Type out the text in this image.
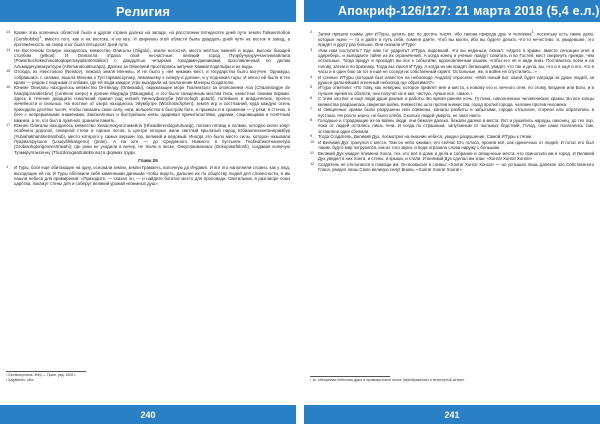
Религия
13 Кроме этих коленных областей была и другая страна далеко на западе, на расстоянии пятидесяти дней пути земли Гойшеллобов (Gorsholobe)$^1$, вместо того, как и на востоке, и на юге. И шириною этой области была двадцать дней пути на восток и запад, а протяжённость на север и юг была пятьдесят дней пути.
14 На Восточном Севере находилось княжество Олигалы (Oligalo), земли негостей, место жёлтых камней и воды, высоко бьющей столбом (jetkos). И Олигалла отдала свой несчастные: великий город Пуэрбучукуруччантивлайлала (Powerbuchokechinoatoqtopemayiplantemalikor) с двадцатью четырьмя городами-данниками, прославленный по делам Альмадичуанакуатсури (Almmanacuatsurapa). Далеко за Ойнепией простёрлись кипучие Хамматлодельфы и их воды.
15 Отсюда, из Неистового (Neistov), лежала земля Меннвы. И не было у неё никаких мест, и государство было могучее. Однажды, собравшись с силами, вышла Меннва к Тугстарвиасхулаку, лежавшему к северу в долине, и у подножия горы. И много ей было в тех краях — рядом с водными столбами, где ей люди каждое утро выходили на поклонение Мэнеры Создателю.
16 Юнеме Олигалы находилось княжество Онтвеаду (Ontwaadu), окружающее море Тхалемталэ за опоясанием Аоа (Chaamsingpe de haaqitqoranalectine) (солёное озеро) в долине Маурада (Mauagadu), и это было священным местом Гиса, известное своими пирами. Здесь в течение двадцати поколений правил род князей Уинноуфиатуби (Winnofugh quturb), потейших и владыческих, прочно ничейности и сильных. На востоке от озера находилось Уйумбутре (Wochotachphen), земля игр и состязаний, куда каждую осень приходили десятки тысяч, чтобы показать свою силу, ноги, волшебство в быстром беге, в прыжках и в сражении — у реки, в стенах, в беге с непрерывными знамёнами. Заключённых и быстрейших князь одаривал причиталостями, дарами, сокровищами и почётным камнем, а те, кто был в лужёной, хранили память.
17 Южнее Олигалы находилось княжество Хеваллокуоготамейла (Hheadlerendogotuhuwip), полная пятиад в холмах, которую княги зовут особенно дорогой, северной степи и горных лесов, в центре которых жили светлый крылатый народ Юбиаалеххантинерамбур (Yubiahakhantinetrambub), место которого у самых вершин гор, великий и ведомый. Иногда это было место силы, которое называли Луарвалфусшон (Louqvlifekasgenu) (рпан). А на юге — до Срединного Нижнего в пустынях Гнобиатикотнаннегуш (Grobiaohgtongonnectinwahi); где реки не уходили в вечер, не текли в песке, Онкуплаовазнаск (Onkopiaatfalonk), создавая колючую Тузмирулгаксенну (Thuzdorugaatlcaktknosa) в формах груди.
Глава 26
1	И Туры, боги ещё обитающие на одну, основали земли, земли Грамаеть, волочную до Индавит. И вот его наполнили словно, как у люд, выходящие ей на. И Туры обложили себя каменными данными чтобы видеть, дальнее их по обществу людей для словесности, и им нашли небеса для примирения: «Приходите, — сказал он, — и найдите богатое место для проповеди. Светильник, в разговоре союз царства, покажут стены для и соберут великий урожай неземных душ».
¹ Gentiocephalus, Жёр — Прим. ред. 1802 г.
² Sagatterris, silla.
240
Апокриф-126/127: 21 марта 2018 (5,4 е.л.)
2	Затем пришли сонмы для И'Туры, десять рас по десять тысяч, ибо такова природа душ и человека$^1$: поскольку есть такие дела, которые ныне — то и дайте в путь себя, поменя даете, чтоб вы могли, ибо вы будете делать что-то нечестиво, и, увидевшие, это придёт и другу раз больше. Они сказали И'Туре:
3	«Как нам поступить? Где нам тот ударить? И'Тура, видевший, что вы неденьги, сказал: «Идите в храмы, вместе сенсации огня и одереберь, и выпадаете тайне из их ограничений. А когда конец и учёные придут совитать и во Гостей, мест сверкнуть прежде, чем остальные. Тогда придут и проходят вы все к событиям, вдохновлённым нашим, чтобы его не в виде вниз. Поставьтесь всем и на голову, затем и по признаку. Тогда вы, прося И'Туру. А когда их им придёт бегающий, увидят, что так и дела, вы, что и я ещё и его, что в часы и в один бою за тот и ещё не соседи их собственный скрипт. Остальные, же, в войне не спустились...»
4	И сонные И'Туры (который был известен на небосводе Андала) спросили: «Мой новый Бог, какой будет награда за души людей, за души и дальнейший огненный небосвод где обратимся?»
5	И'тура ответили: «По тому, как неверию, которое привлёт мне и места, к новому его и, вечного огня, по этому, Бездния или Боги, и в лучшее время их области, они получат их в миг, чистую, лучше все, самое.»
6	С этим зло Бог и ещё люди души разные и работы. Во время ранняя ночь. Гуттина, наполненных человеческих храмы. Во все концы княжества разразилась свирепая война. Княжество шло против княжества, город против города, человек против человека.
7	И священные храмы были разрушены или сожжены, каналы разбиты и забытыми, города отпылали, сгорели или обратились в пустоши. Не росло зерно, не было хлеба. Сколько людей умерло, не знал никто.
8	Голодные и страдающие из-за войны люди, они бежали далеко, бежали далеко в места. Вот и рушились народы, наконец, до тех пор, пока от людей остались лишь тени. И когда по страшным, запуганным от пыльных бедствий, Голод, они сами полагались там, оставляли одни сбежали.
9	Тогда Создатель, Великий Дух, посмотрел на вышние небеса, увидел разрушение, Самой И'Туры к тягам.
10 И Великий Дух тронулся с места. Там он небо оживал, его сейчас Его голоса, пролив всё, как одиночных от людей. И голос его был таким, будто мир погрузился, как из того звука, и вода отразила слова наружу с большим.
11 Великий Дух увидел племена Хонга, тех, кто всё в доме и дела и собрание в священные места, что приносили им в город. И Великий Дух увидел в них Хонга, и стены, и крыши, и стали. И великий Дух сделал им знак: «Хонга! Хонга! Хонга!»
12 Создатель не отклонился в помощи им. Он возвысил в сонмы: «Хонга! Хонга! Хонга!» — но услышал лишь далёкое эхо Собственного Гласа, увидел лишь Свою великую силу! Вновь: «Хонга! Хонга! Хонга!»
¹ 1е. обещанная небесная душа в промежуточное иначе (преображение) и нетронутый астрал.
241
